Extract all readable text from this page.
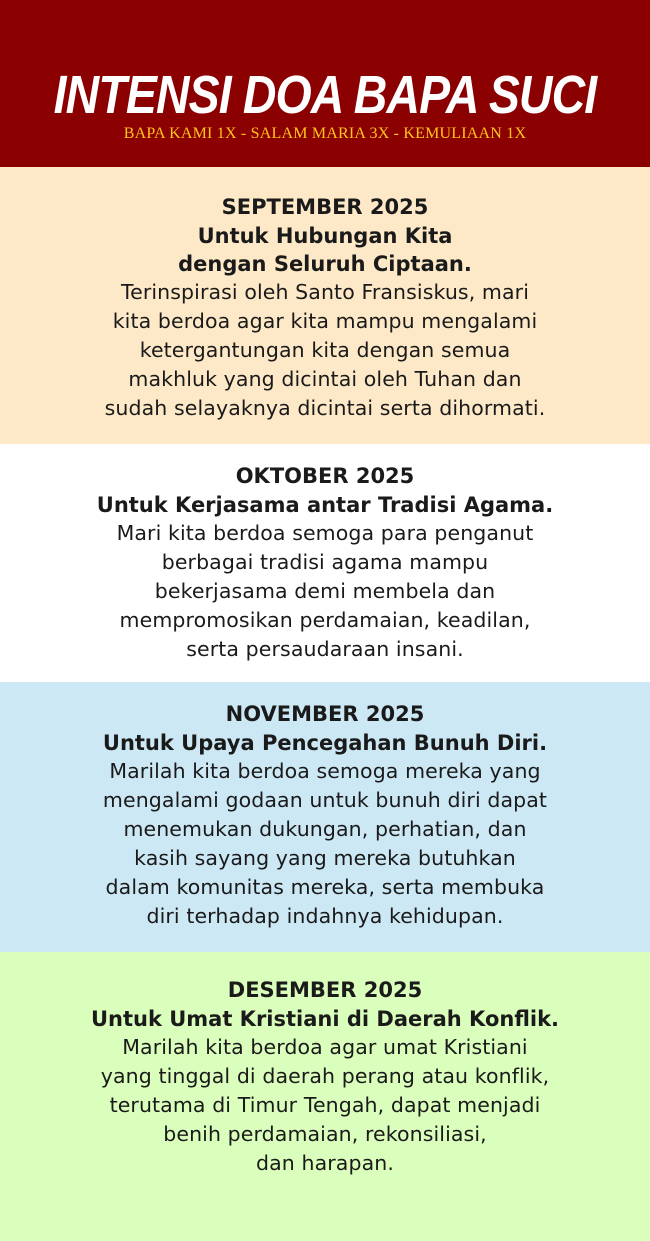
INTENSI DOA BAPA SUCI
BAPA KAMI 1X - SALAM MARIA 3X - KEMULIAAN 1X
SEPTEMBER 2025
Untuk Hubungan Kita
dengan Seluruh Ciptaan.
Terinspirasi oleh Santo Fransiskus, mari
kita berdoa agar kita mampu mengalami
ketergantungan kita dengan semua
makhluk yang dicintai oleh Tuhan dan
sudah selayaknya dicintai serta dihormati.
OKTOBER 2025
Untuk Kerjasama antar Tradisi Agama.
Mari kita berdoa semoga para penganut
berbagai tradisi agama mampu
bekerjasama demi membela dan
mempromosikan perdamaian, keadilan,
serta persaudaraan insani.
NOVEMBER 2025
Untuk Upaya Pencegahan Bunuh Diri.
Marilah kita berdoa semoga mereka yang
mengalami godaan untuk bunuh diri dapat
menemukan dukungan, perhatian, dan
kasih sayang yang mereka butuhkan
dalam komunitas mereka, serta membuka
diri terhadap indahnya kehidupan.
DESEMBER 2025
Untuk Umat Kristiani di Daerah Konflik.
Marilah kita berdoa agar umat Kristiani
yang tinggal di daerah perang atau konflik,
terutama di Timur Tengah, dapat menjadi
benih perdamaian, rekonsiliasi,
dan harapan.
